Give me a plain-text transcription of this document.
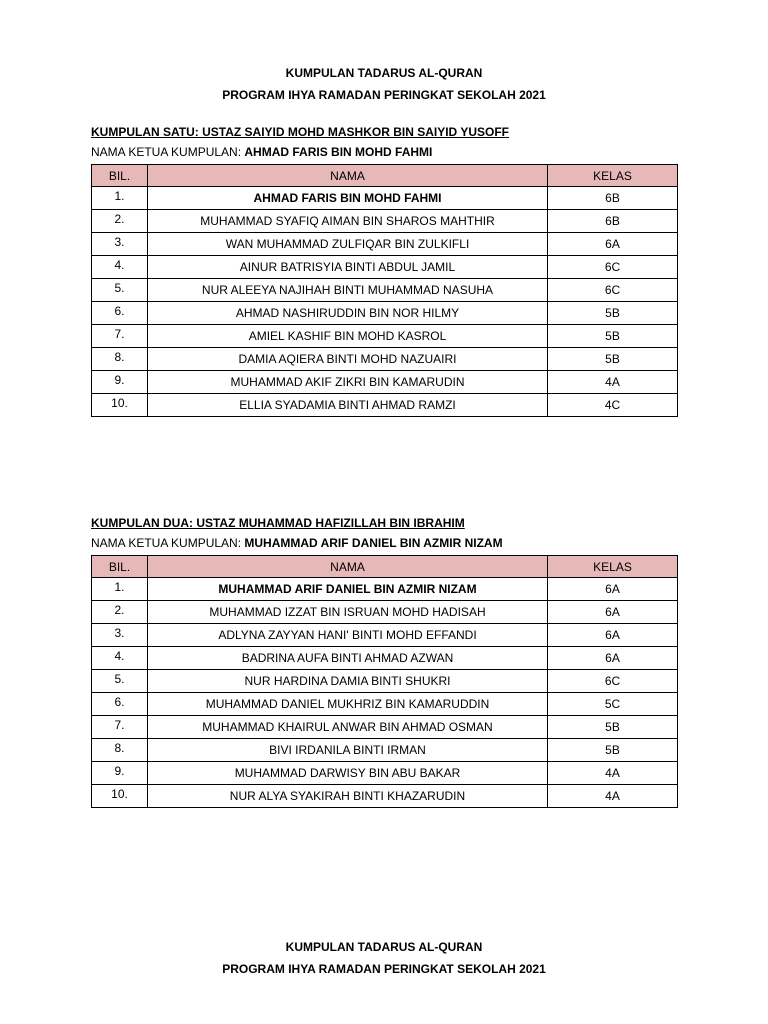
KUMPULAN TADARUS AL-QURAN
PROGRAM IHYA RAMADAN PERINGKAT SEKOLAH 2021
KUMPULAN SATU: USTAZ SAIYID MOHD MASHKOR BIN SAIYID YUSOFF
NAMA KETUA KUMPULAN: AHMAD FARIS BIN MOHD FAHMI
BIL.	NAMA	KELAS
1.	AHMAD FARIS BIN MOHD FAHMI	6B
2.	MUHAMMAD SYAFIQ AIMAN BIN SHAROS MAHTHIR	6B
3.	WAN MUHAMMAD ZULFIQAR BIN ZULKIFLI	6A
4.	AINUR BATRISYIA BINTI ABDUL JAMIL	6C
5.	NUR ALEEYA NAJIHAH BINTI MUHAMMAD NASUHA	6C
6.	AHMAD NASHIRUDDIN BIN NOR HILMY	5B
7.	AMIEL KASHIF BIN MOHD KASROL	5B
8.	DAMIA AQIERA BINTI MOHD NAZUAIRI	5B
9.	MUHAMMAD AKIF ZIKRI BIN KAMARUDIN	4A
10.	ELLIA SYADAMIA BINTI AHMAD RAMZI	4C
KUMPULAN DUA: USTAZ MUHAMMAD HAFIZILLAH BIN IBRAHIM
NAMA KETUA KUMPULAN: MUHAMMAD ARIF DANIEL BIN AZMIR NIZAM
BIL.	NAMA	KELAS
1.	MUHAMMAD ARIF DANIEL BIN AZMIR NIZAM	6A
2.	MUHAMMAD IZZAT BIN ISRUAN MOHD HADISAH	6A
3.	ADLYNA ZAYYAN HANI' BINTI MOHD EFFANDI	6A
4.	BADRINA AUFA BINTI AHMAD AZWAN	6A
5.	NUR HARDINA DAMIA BINTI SHUKRI	6C
6.	MUHAMMAD DANIEL MUKHRIZ BIN KAMARUDDIN	5C
7.	MUHAMMAD KHAIRUL ANWAR BIN AHMAD OSMAN	5B
8.	BIVI IRDANILA BINTI IRMAN	5B
9.	MUHAMMAD DARWISY BIN ABU BAKAR	4A
10.	NUR ALYA SYAKIRAH BINTI KHAZARUDIN	4A
KUMPULAN TADARUS AL-QURAN
PROGRAM IHYA RAMADAN PERINGKAT SEKOLAH 2021
